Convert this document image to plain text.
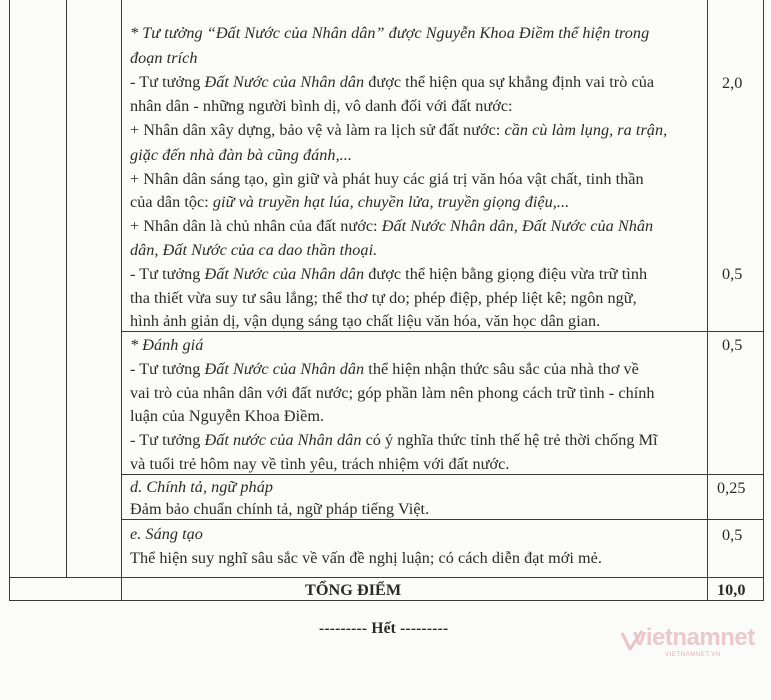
* Tư tưởng “Đất Nước của Nhân dân” được Nguyễn Khoa Điềm thể hiện trong
đoạn trích
- Tư tưởng Đất Nước của Nhân dân được thể hiện qua sự khẳng định vai trò của
nhân dân - những người bình dị, vô danh đối với đất nước:
+ Nhân dân xây dựng, bảo vệ và làm ra lịch sử đất nước: cần cù làm lụng, ra trận,
giặc đến nhà đàn bà cũng đánh,...
+ Nhân dân sáng tạo, gìn giữ và phát huy các giá trị văn hóa vật chất, tinh thần
của dân tộc: giữ và truyền hạt lúa, chuyền lửa, truyền giọng điệu,...
+ Nhân dân là chủ nhân của đất nước: Đất Nước Nhân dân, Đất Nước của Nhân
dân, Đất Nước của ca dao thần thoại.
- Tư tưởng Đất Nước của Nhân dân được thể hiện bằng giọng điệu vừa trữ tình
tha thiết vừa suy tư sâu lắng; thể thơ tự do; phép điệp, phép liệt kê; ngôn ngữ,
hình ảnh giản dị, vận dụng sáng tạo chất liệu văn hóa, văn học dân gian.
2,0
0,5
* Đánh giá
- Tư tưởng Đất Nước của Nhân dân thể hiện nhận thức sâu sắc của nhà thơ về
vai trò của nhân dân với đất nước; góp phần làm nên phong cách trữ tình - chính
luận của Nguyễn Khoa Điềm.
- Tư tưởng Đất nước của Nhân dân có ý nghĩa thức tỉnh thế hệ trẻ thời chống Mĩ
và tuổi trẻ hôm nay về tình yêu, trách nhiệm với đất nước.
0,5
d. Chính tả, ngữ pháp
Đảm bảo chuẩn chính tả, ngữ pháp tiếng Việt.
0,25
e. Sáng tạo
Thể hiện suy nghĩ sâu sắc về vấn đề nghị luận; có cách diễn đạt mới mẻ.
0,5
TỔNG ĐIỂM	10,0
--------- Hết ---------	vietnamnet
VIETNAMNET.VN
